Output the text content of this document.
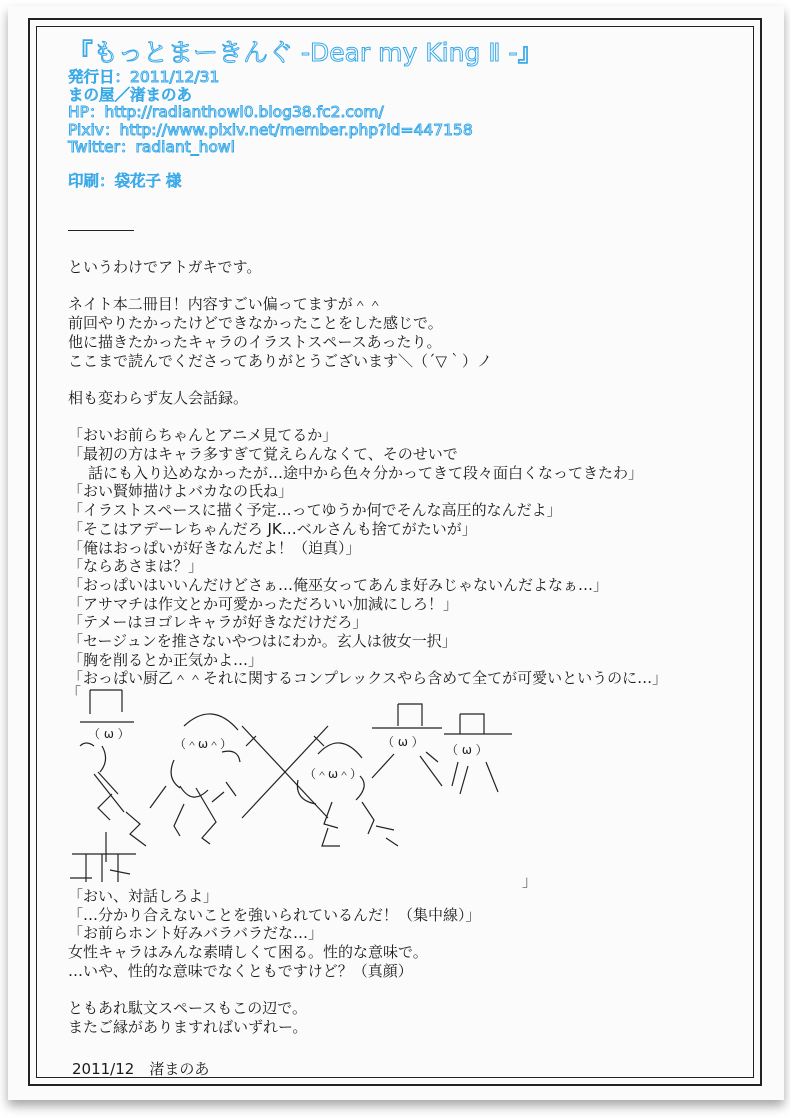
『もっとまーきんぐ -Dear my King Ⅱ -』
発行日：2011/12/31
まの屋／渚まのあ
HP：http://radianthowl0.blog38.fc2.com/
Pixiv：http://www.pixiv.net/member.php?id=447158
Twitter：radiant_howl
印刷：袋花子 様
というわけでアトガキです。
ネイト本二冊目！内容すごい偏ってますが＾＾
前回やりたかったけどできなかったことをした感じで。
他に描きたかったキャラのイラストスペースあったり。
ここまで読んでくださってありがとうございます＼（´▽｀）ノ
相も変わらず友人会話録。
「おいお前らちゃんとアニメ見てるか」
「最初の方はキャラ多すぎて覚えらんなくて、そのせいで
話にも入り込めなかったが…途中から色々分かってきて段々面白くなってきたわ」
「おい賢姉描けよバカなの氏ね」
「イラストスペースに描く予定…ってゆうか何でそんな高圧的なんだよ」
「そこはアデーレちゃんだろ JK…ベルさんも捨てがたいが」
「俺はおっぱいが好きなんだよ！（迫真）」
「ならあさまは？」
「おっぱいはいいんだけどさぁ…俺巫女ってあんま好みじゃないんだよなぁ…」
「アサマチは作文とか可愛かっただろいい加減にしろ！」
「テメーはヨゴレキャラが好きなだけだろ」
「セージュンを推さないやつはにわか。玄人は彼女一択」
「胸を削るとか正気かよ…」
「おっぱい厨乙＾＾それに関するコンプレックスやら含めて全てが可愛いというのに…」
「
」
（ ω ）
（＾ω＾）
（＾ω＾）
（ ω ）
（ ω ）
「おい、対話しろよ」
「…分かり合えないことを強いられているんだ！（集中線）」
「お前らホント好みバラバラだな…」
女性キャラはみんな素晴しくて困る。性的な意味で。
…いや、性的な意味でなくともですけど？（真顔）
ともあれ駄文スペースもこの辺で。
またご縁がありますればいずれー。
2011/12　渚まのあ
